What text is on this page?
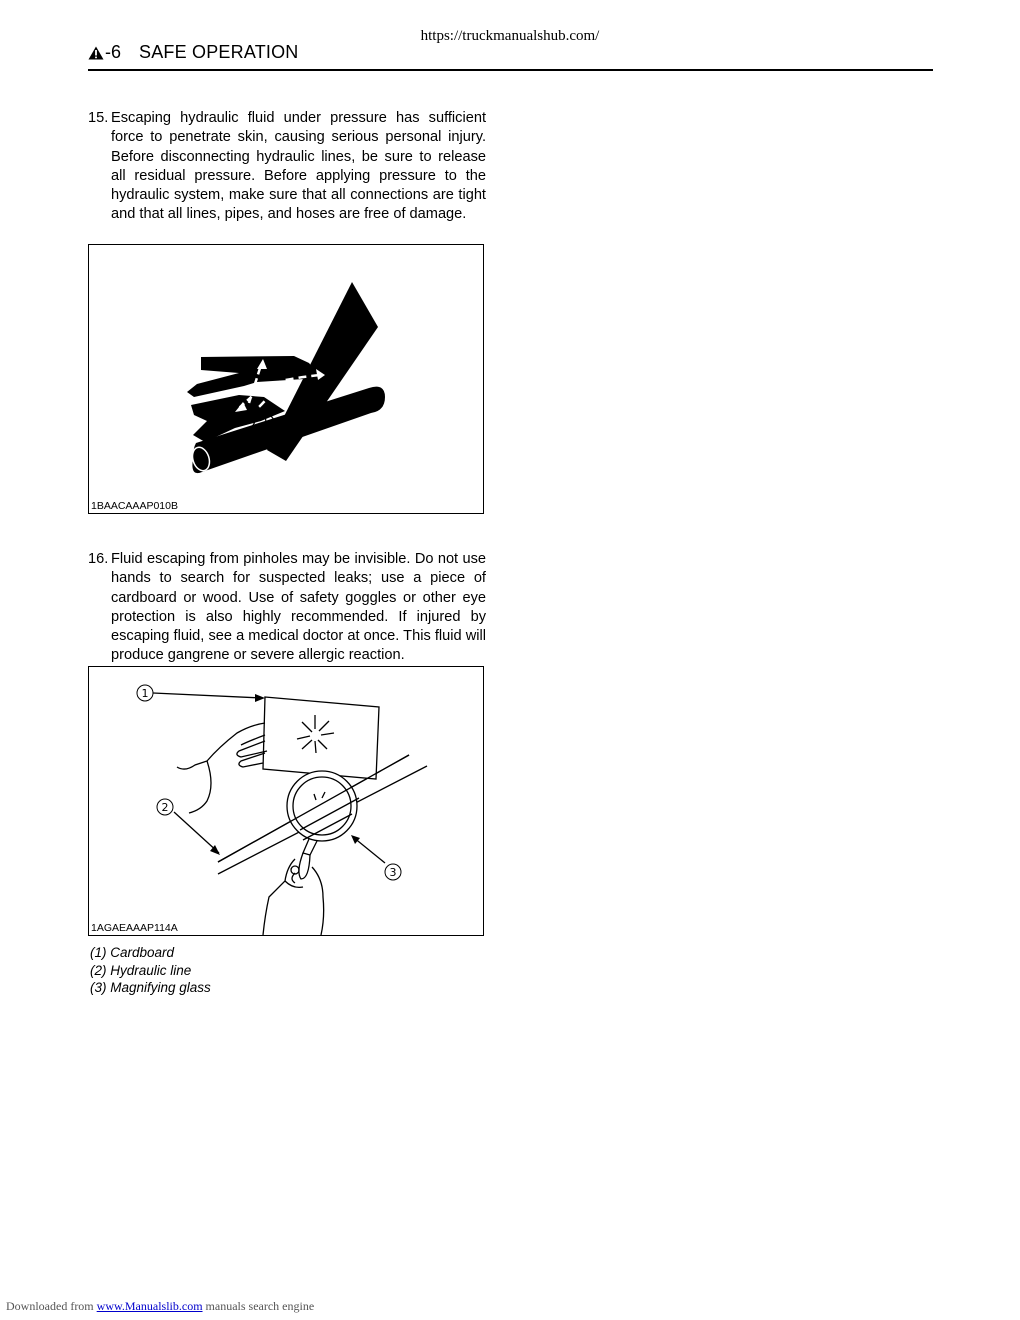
https://truckmanualshub.com/
-6 SAFE OPERATION
15. Escaping hydraulic fluid under pressure has sufficient force to penetrate skin, causing serious personal injury. Before disconnecting hydraulic lines, be sure to release all residual pressure. Before applying pressure to the hydraulic system, make sure that all connections are tight and that all lines, pipes, and hoses are free of damage.
1BAACAAAP010B
16. Fluid escaping from pinholes may be invisible. Do not use hands to search for suspected leaks; use a piece of cardboard or wood. Use of safety goggles or other eye protection is also highly recommended. If injured by escaping fluid, see a medical doctor at once. This fluid will produce gangrene or severe allergic reaction.
1
2
3
1AGAEAAAP114A
(1) Cardboard
(2) Hydraulic line
(3) Magnifying glass
Downloaded from www.Manualslib.com manuals search engine
